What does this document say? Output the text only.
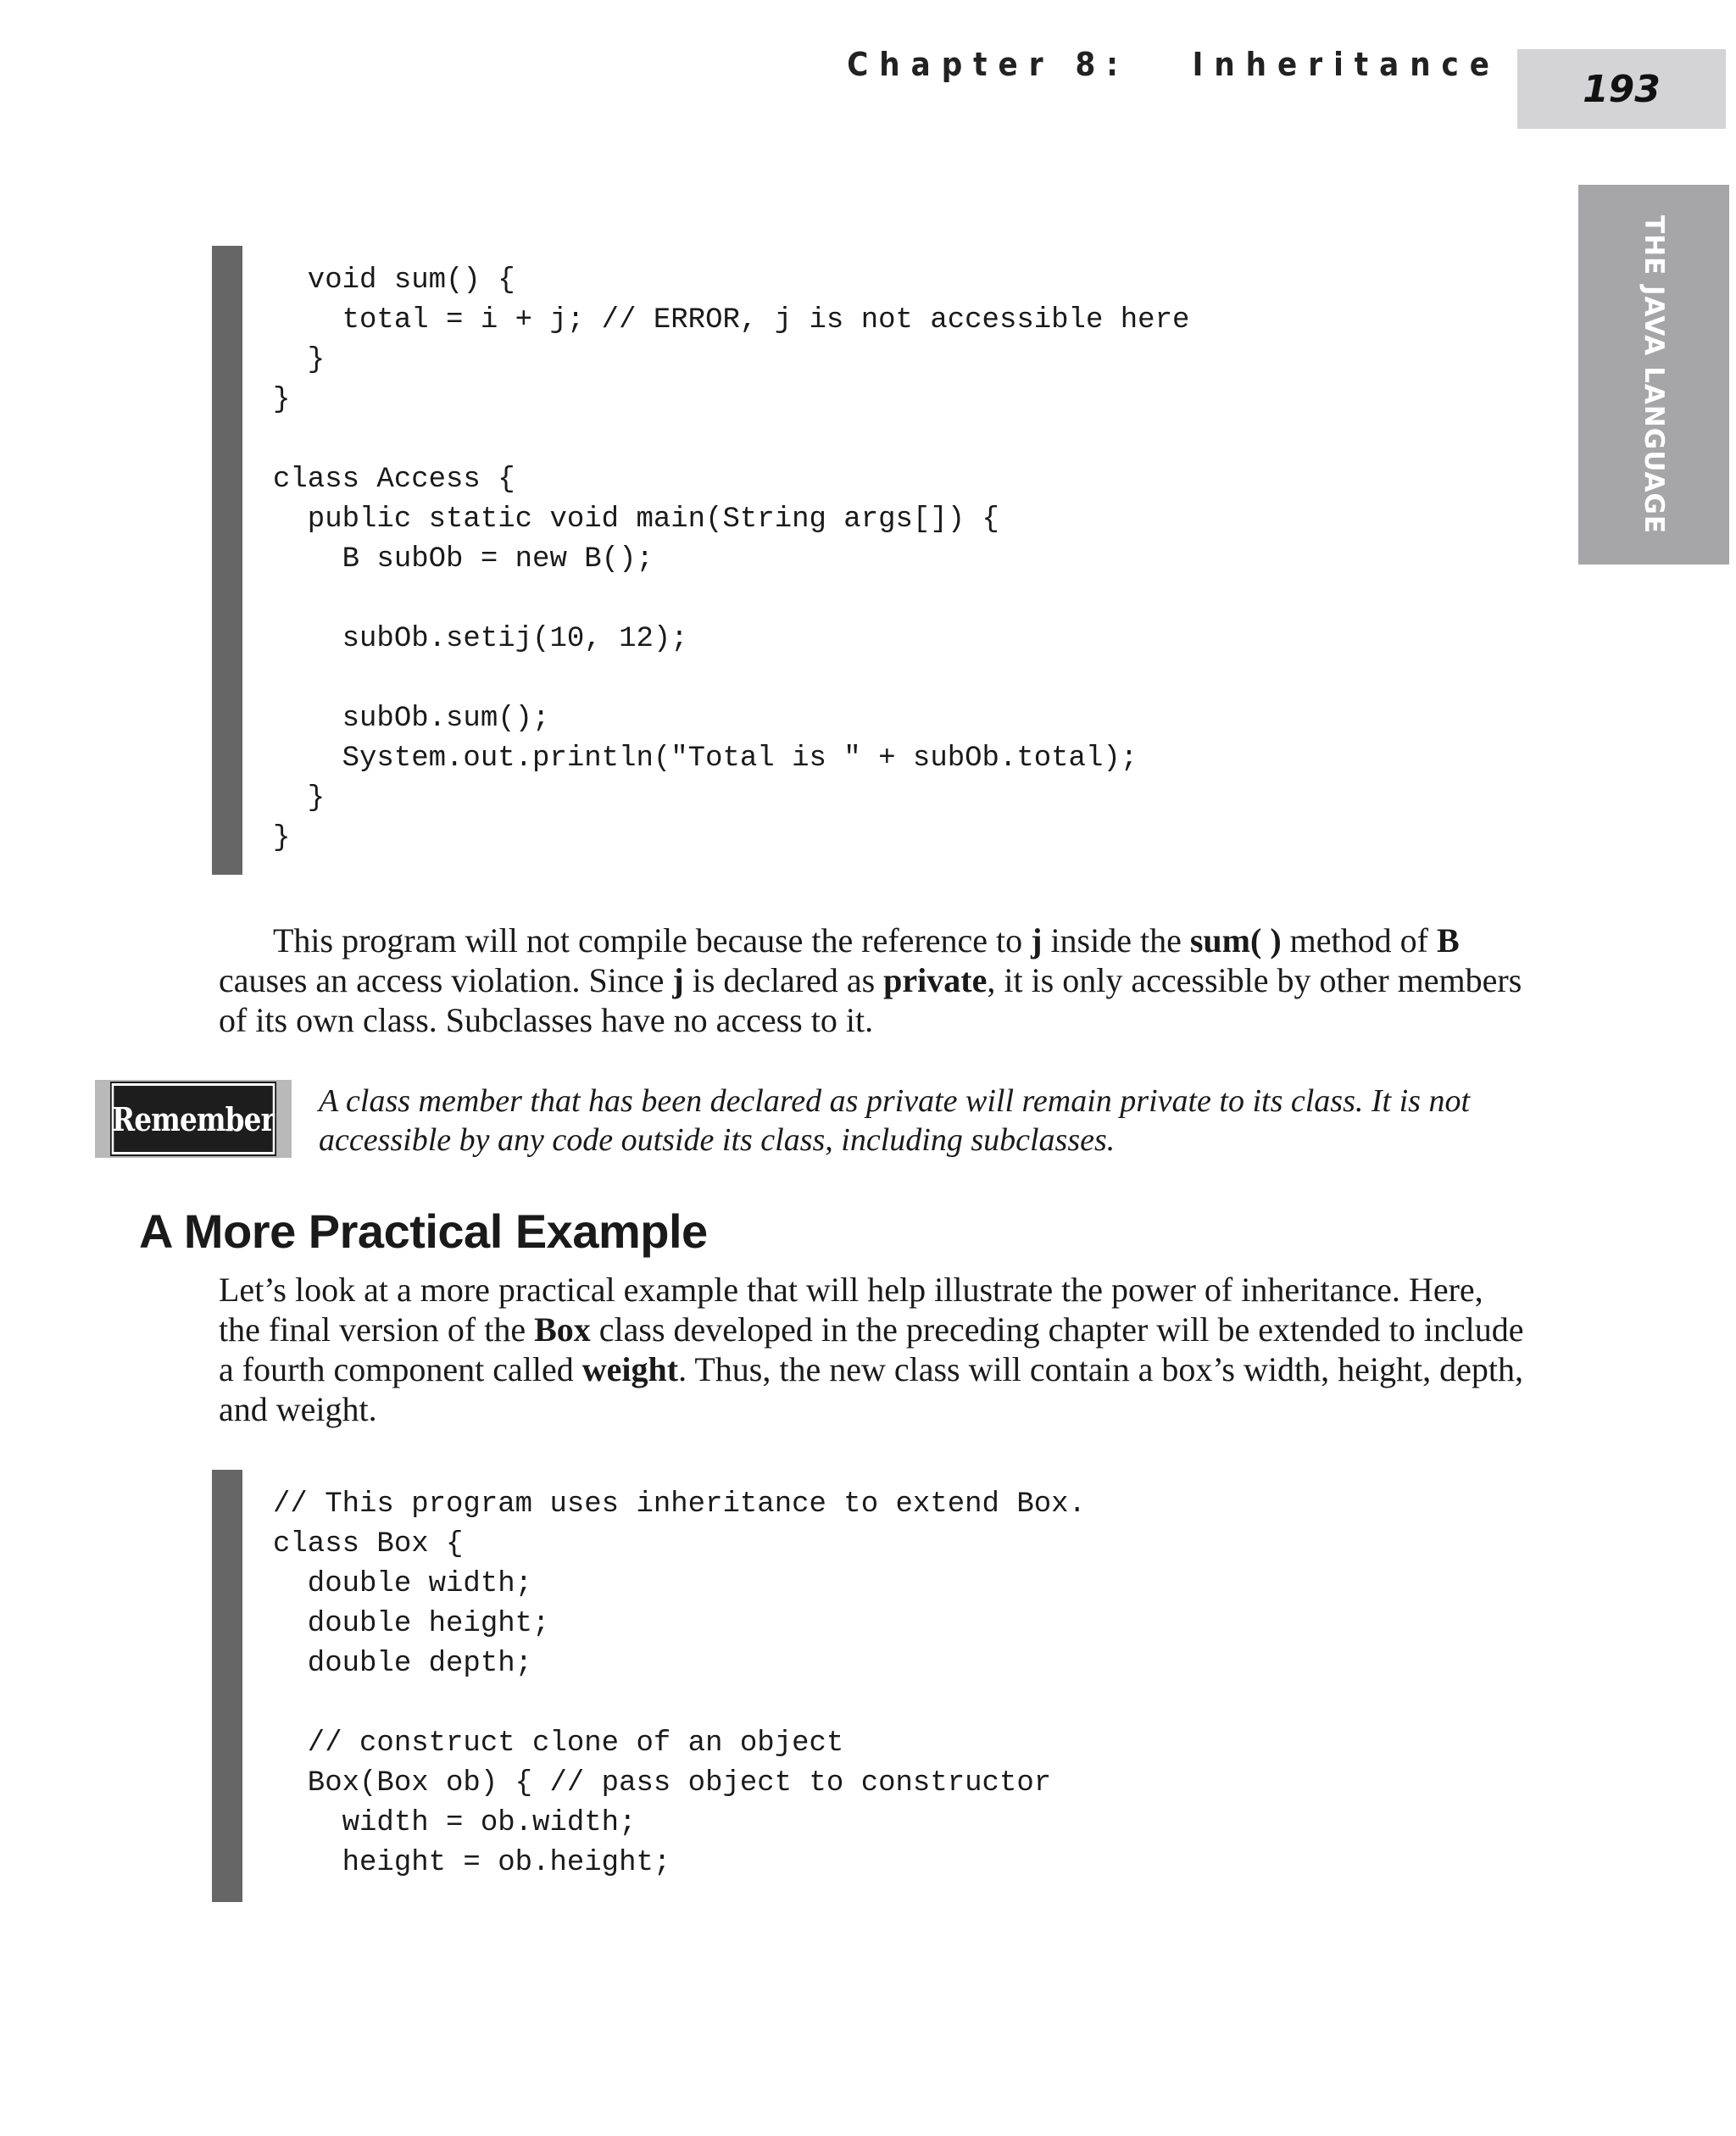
Chapter 8:
Inheritance
193
THE JAVA LANGUAGE
void sum() {
total = i + j; // ERROR, j is not accessible here
}
}
class Access {
public static void main(String args[]) {
B subOb = new B();
subOb.setij(10, 12);
subOb.sum();
System.out.println("Total is " + subOb.total);
}
}

This program will not compile because the reference to j inside the sum( ) method of B causes an access violation. Since j is declared as private, it is only accessible by other members of its own class. Subclasses have no access to it.

Remember A class member that has been declared as private will remain private to its class. It is not accessible by any code outside its class, including subclasses.

A More Practical Example

Let’s look at a more practical example that will help illustrate the power of inheritance. Here, the final version of the Box class developed in the preceding chapter will be extended to include a fourth component called weight. Thus, the new class will contain a box’s width, height, depth, and weight.

// This program uses inheritance to extend Box.
class Box {
double width;
double height;
double depth;
// construct clone of an object
Box(Box ob) { // pass object to constructor
width = ob.width;
height = ob.height;
